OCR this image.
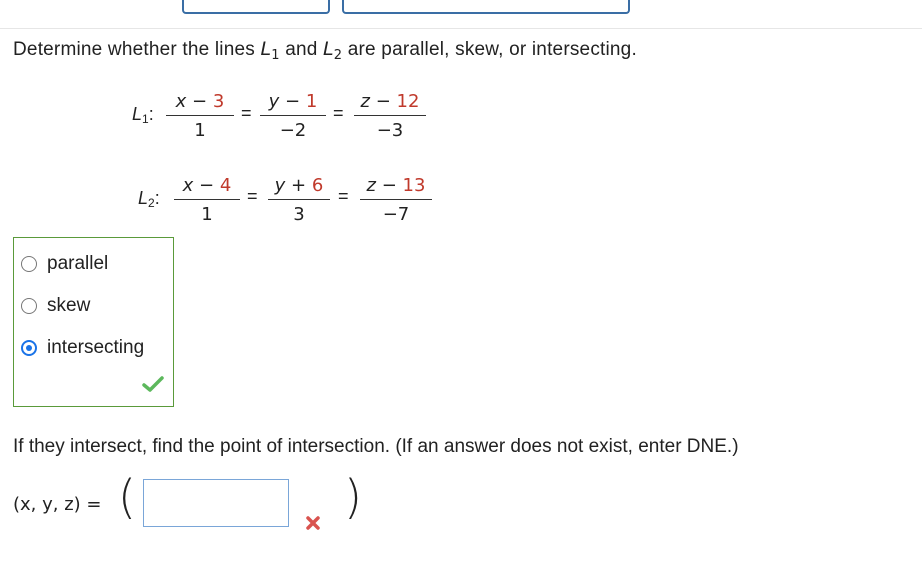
Determine whether the lines $L_1$ and $L_2$ are parallel, skew, or intersecting.
$L_1$:
x − 3
1
=
y − 1
−2
=
z − 12
−3
$L_2$:
x − 4
1
= y + 6
3
=	z − 13
−7
parallel
skew
intersecting
If they intersect, find the point of intersection. (If an answer does not exist, enter DNE.)
(x, y, z) = (	)
